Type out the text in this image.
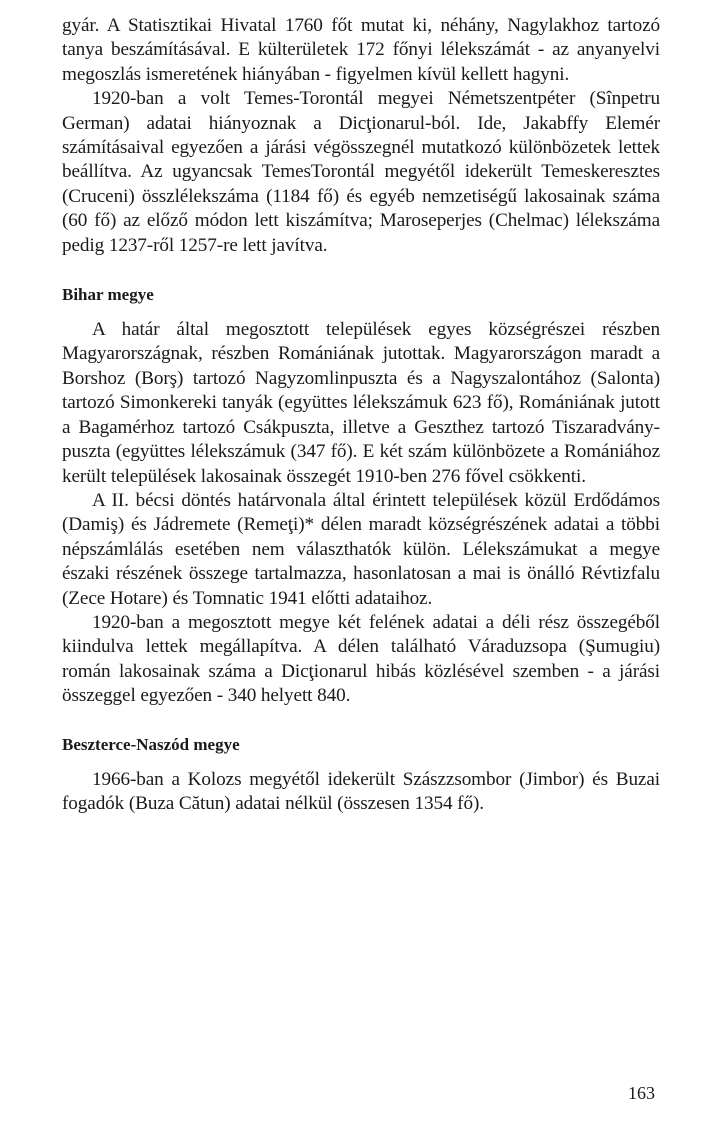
gyár. A Statisztikai Hivatal 1760 főt mutat ki, néhány, Nagylakhoz tartozó tanya beszámításával. E külterületek 172 főnyi lélekszámát - az anyanyelvi megoszlás ismeretének hiányában - figyelmen kívül kellett hagyni.

1920-ban a volt Temes-Torontál megyei Németszentpéter (Sînpetru German) adatai hiányoznak a Dicţionarul-ból. Ide, Jakabffy Elemér számításaival egyezően a járási végösszegnél mutatkozó különbözetek lettek beállítva. Az ugyancsak TemesTorontál megyétől idekerült Temeskeresztes (Cruceni) összlélekszáma (1184 fő) és egyéb nemzetiségű lakosainak száma (60 fő) az előző módon lett kiszámítva; Maroseperjes (Chelmac) lélekszáma pedig 1237-ről 1257-re lett javítva.

Bihar megye

A határ által megosztott települések egyes községrészei részben Magyarországnak, részben Romániának jutottak. Magyarországon maradt a Borshoz (Borş) tartozó Nagyzomlinpuszta és a Nagyszalontához (Salonta) tartozó Simonkereki tanyák (együttes lélekszámuk 623 fő), Romániának jutott a Bagamérhoz tartozó Csákpuszta, illetve a Geszthez tartozó Tiszaradványpuszta (együttes lélekszámuk (347 fő). E két szám különbözete a Romániához került települések lakosainak összegét 1910-ben 276 fővel csökkenti.

A II. bécsi döntés határvonala által érintett települések közül Erdődámos (Damiş) és Jádremete (Remeţi)* délen maradt községrészének adatai a többi népszámlálás esetében nem választhatók külön. Lélekszámukat a megye északi részének összege tartalmazza, hasonlatosan a mai is önálló Révtizfalu (Zece Hotare) és Tomnatic 1941 előtti adataihoz.

1920-ban a megosztott megye két felének adatai a déli rész összegéből kiindulva lettek megállapítva. A délen található Váraduzsopa (Şumugiu) román lakosainak száma a Dicţionarul hibás közlésével szemben - a járási összeggel egyezően - 340 helyett 840.

Beszterce-Naszód megye

1966-ban a Kolozs megyétől idekerült Szászzsombor (Jimbor) és Buzai fogadók (Buza Cătun) adatai nélkül (összesen 1354 fő).

163
